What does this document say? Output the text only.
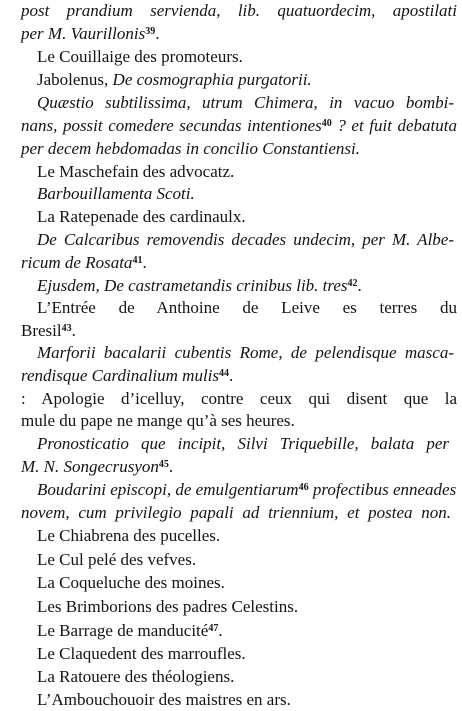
post prandium servienda, lib. quatuordecim, apostilati
per M. Vaurillonis$^{39}$.
Le Couillaige des promoteurs.
Jabolenus, De cosmographia purgatorii.
Quæstio subtilissima, utrum Chimera, in vacuo bombi-
nans, possit comedere secundas intentiones$^{40}$ ? et fuit debatuta
per decem hebdomadas in concilio Constantiensi.
Le Maschefain des advocatz.
Barbouillamenta Scoti.
La Ratepenade des cardinaulx.
De Calcaribus removendis decades undecim, per M. Albe-
ricum de Rosata$^{41}$.
Ejusdem, De castrametandis crinibus lib. tres$^{42}$.
L’Entrée de Anthoine de Leive es terres du
Bresil$^{43}$.
Marforii bacalarii cubentis Rome, de pelendisque masca-
rendisque Cardinalium mulis$^{44}$.
: Apologie d’icelluy, contre ceux qui disent que la
mule du pape ne mange qu’à ses heures.
Pronosticatio que incipit, Silvi Triquebille, balata per
M. N. Songecrusyon$^{45}$.
Boudarini episcopi, de emulgentiarum$^{46}$ profectibus enneades
novem, cum privilegio papali ad triennium, et postea non.
Le Chiabrena des pucelles.
Le Cul pelé des vefves.
La Coqueluche des moines.
Les Brimborions des padres Celestins.
Le Barrage de manducité$^{47}$.
Le Claquedent des marroufles.
La Ratouere des théologiens.
L’Ambouchouoir des maistres en ars.
